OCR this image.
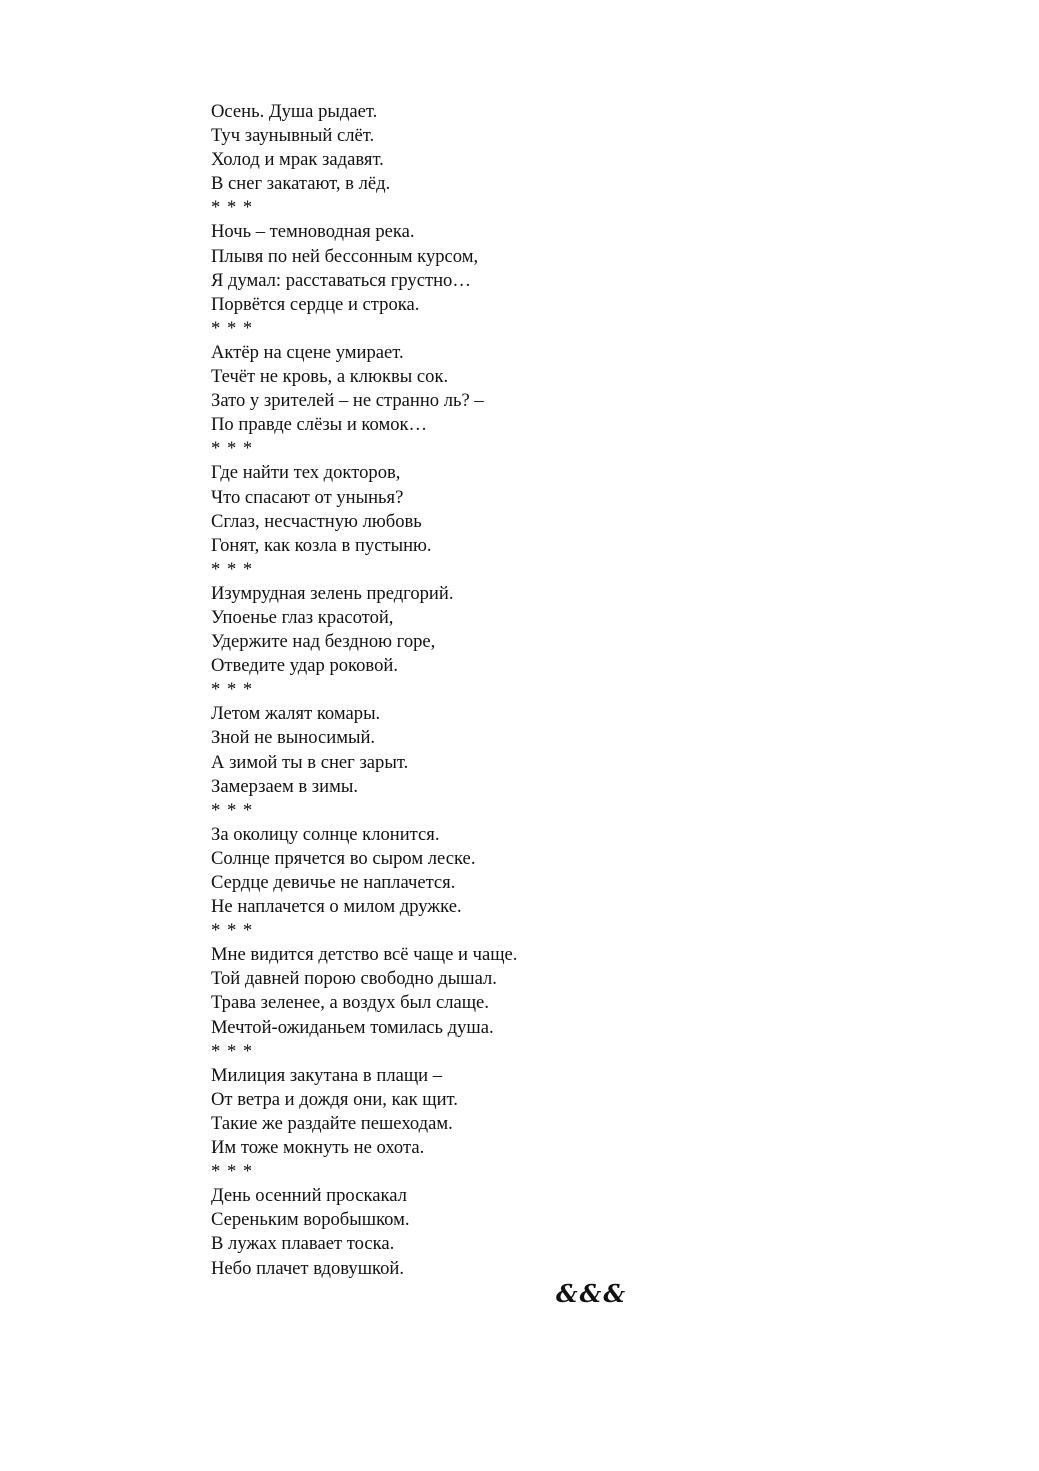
Осень. Душа рыдает.
Туч заунывный слёт.
Холод и мрак задавят.
В снег закатают, в лёд.
* * *
Ночь – темноводная река.
Плывя по ней бессонным курсом,
Я думал: расставаться грустно…
Порвётся сердце и строка.
* * *
Актёр на сцене умирает.
Течёт не кровь, а клюквы сок.
Зато у зрителей – не странно ль? –
По правде слёзы и комок…
* * *
Где найти тех докторов,
Что спасают от унынья?
Сглаз, несчастную любовь
Гонят, как козла в пустыню.
* * *
Изумрудная зелень предгорий.
Упоенье глаз красотой,
Удержите над бездною горе,
Отведите удар роковой.
* * *
Летом жалят комары.
Зной не выносимый.
А зимой ты в снег зарыт.
Замерзаем в зимы.
* * *
За околицу солнце клонится.
Солнце прячется во сыром леске.
Сердце девичье не наплачется.
Не наплачется о милом дружке.
* * *
Мне видится детство всё чаще и чаще.
Той давней порою свободно дышал.
Трава зеленее, а воздух был слаще.
Мечтой-ожиданьем томилась душа.
* * *
Милиция закутана в плащи –
От ветра и дождя они, как щит.
Такие же раздайте пешеходам.
Им тоже мокнуть не охота.
* * *
День осенний проскакал
Сереньким воробышком.
В лужах плавает тоска.
Небо плачет вдовушкой.
&&&
